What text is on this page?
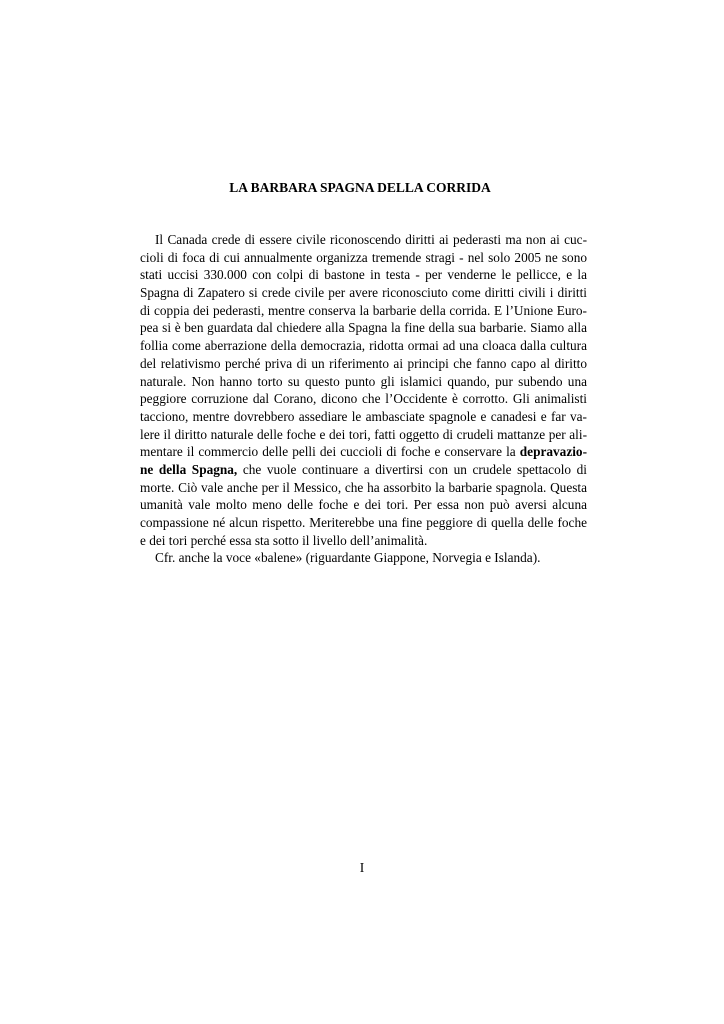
LA BARBARA SPAGNA DELLA CORRIDA
Il Canada crede di essere civile riconoscendo diritti ai pederasti ma non ai cuc-
cioli di foca di cui annualmente organizza tremende stragi - nel solo 2005 ne sono
stati uccisi 330.000 con colpi di bastone in testa - per venderne le pellicce, e la
Spagna di Zapatero si crede civile per avere riconosciuto come diritti civili i diritti
di coppia dei pederasti, mentre conserva la barbarie della corrida. E l’Unione Euro-
pea si è ben guardata dal chiedere alla Spagna la fine della sua barbarie. Siamo alla
follia come aberrazione della democrazia, ridotta ormai ad una cloaca dalla cultura
del relativismo perché priva di un riferimento ai principi che fanno capo al diritto
naturale. Non hanno torto su questo punto gli islamici quando, pur subendo una
peggiore corruzione dal Corano, dicono che l’Occidente è corrotto. Gli animalisti
tacciono, mentre dovrebbero assediare le ambasciate spagnole e canadesi e far va-
lere il diritto naturale delle foche e dei tori, fatti oggetto di crudeli mattanze per ali-
mentare il commercio delle pelli dei cuccioli di foche e conservare la depravazio-
ne della Spagna, che vuole continuare a divertirsi con un crudele spettacolo di
morte. Ciò vale anche per il Messico, che ha assorbito la barbarie spagnola. Questa
umanità vale molto meno delle foche e dei tori. Per essa non può aversi alcuna
compassione né alcun rispetto. Meriterebbe una fine peggiore di quella delle foche
e dei tori perché essa sta sotto il livello dell’animalità.
Cfr. anche la voce «balene» (riguardante Giappone, Norvegia e Islanda).
I
